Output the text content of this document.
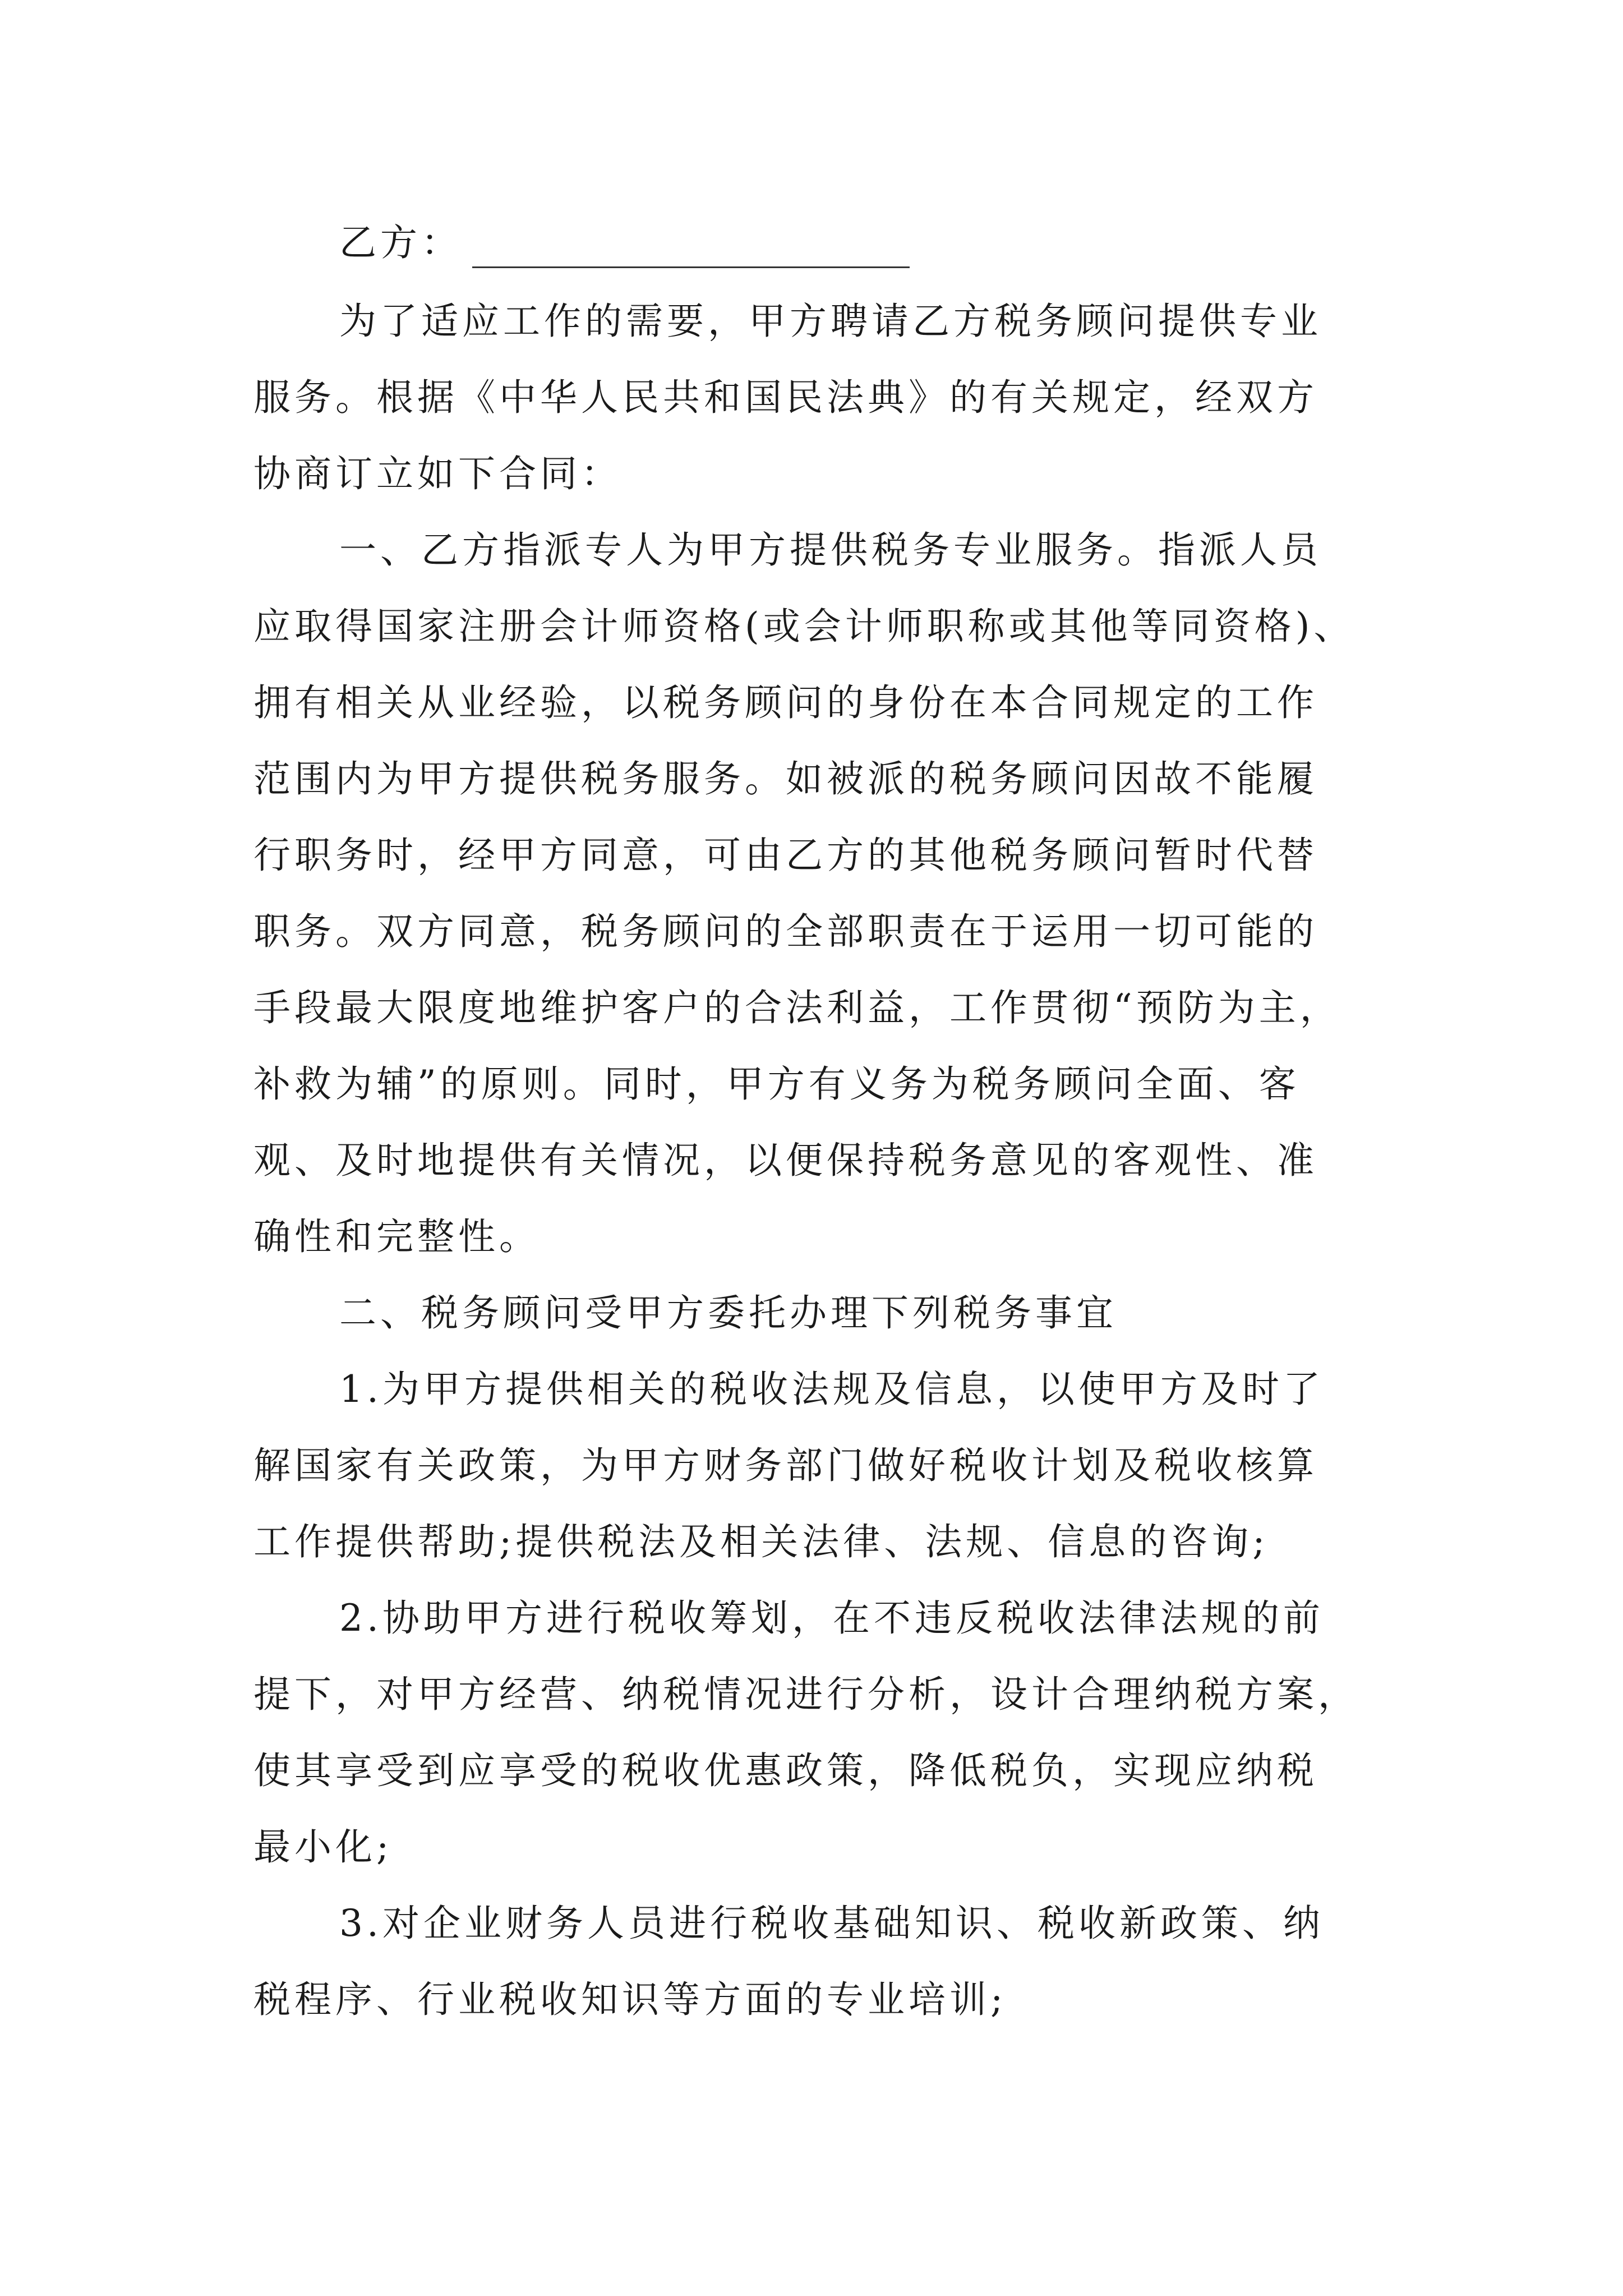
乙方：
为了适应工作的需要，甲方聘请乙方税务顾问提供专业
服务。根据《中华人民共和国民法典》的有关规定，经双方
协商订立如下合同：
一、乙方指派专人为甲方提供税务专业服务。指派人员
应取得国家注册会计师资格(或会计师职称或其他等同资格)、
拥有相关从业经验，以税务顾问的身份在本合同规定的工作
范围内为甲方提供税务服务。如被派的税务顾问因故不能履
行职务时，经甲方同意，可由乙方的其他税务顾问暂时代替
职务。双方同意，税务顾问的全部职责在于运用一切可能的
手段最大限度地维护客户的合法利益，工作贯彻“预防为主，
补救为辅”的原则。同时，甲方有义务为税务顾问全面、客
观、及时地提供有关情况，以便保持税务意见的客观性、准
确性和完整性。
二、税务顾问受甲方委托办理下列税务事宜
1.为甲方提供相关的税收法规及信息，以使甲方及时了
解国家有关政策，为甲方财务部门做好税收计划及税收核算
工作提供帮助;提供税法及相关法律、法规、信息的咨询;
2.协助甲方进行税收筹划，在不违反税收法律法规的前
提下，对甲方经营、纳税情况进行分析，设计合理纳税方案，
使其享受到应享受的税收优惠政策，降低税负，实现应纳税
最小化;
3.对企业财务人员进行税收基础知识、税收新政策、纳
税程序、行业税收知识等方面的专业培训;
